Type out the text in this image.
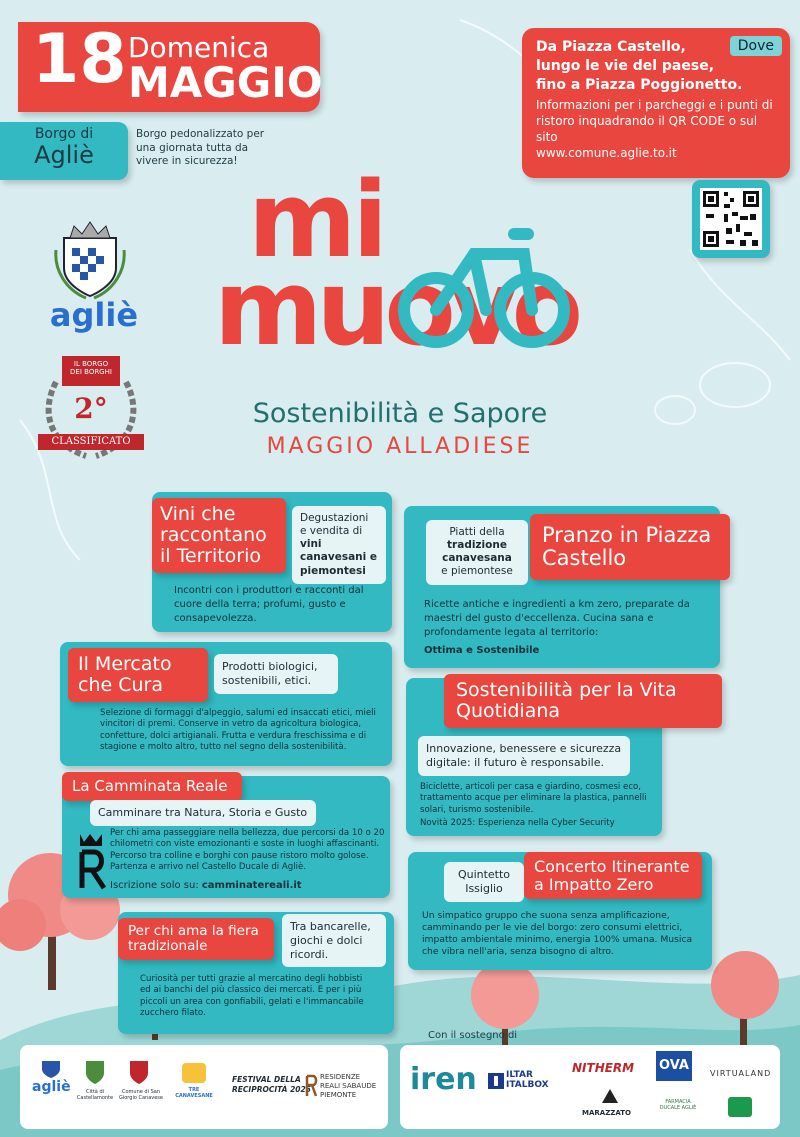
18 Domenica
MAGGIO
Borgo di
Agliè
Borgo pedonalizzato per una giornata tutta da vivere in sicurezza!
Dove
Da Piazza Castello,
lungo le vie del paese,
fino a Piazza Poggionetto.
Informazioni per i parcheggi e i punti di ristoro inquadrando il QR CODE o sul sito
www.comune.aglie.to.it
agliè
IL BORGO
DEI BORGHI
2°
CLASSIFICATO
mi
muovo
Sostenibilità e Sapore
MAGGIO ALLADIESE
Vini che raccontano il Territorio
Degustazioni e vendita di vini canavesani e piemontesi
Incontri con i produttori e racconti dal cuore della terra; profumi, gusto e consapevolezza.
Piatti della
tradizione canavesana
e piemontese
Pranzo in Piazza Castello
Ricette antiche e ingredienti a km zero, preparate da maestri del gusto d'eccellenza. Cucina sana e profondamente legata al territorio:
Ottima e Sostenibile
Il Mercato che Cura
Prodotti biologici, sostenibili, etici.
Selezione di formaggi d'alpeggio, salumi ed insaccati etici, mieli vincitori di premi. Conserve in vetro da agricoltura biologica, confetture, dolci artigianali. Frutta e verdura freschissima e di stagione e molto altro, tutto nel segno della sostenibilità.
Sostenibilità per la Vita Quotidiana
Innovazione, benessere e sicurezza digitale: il futuro è responsabile.
Biciclette, articoli per casa e giardino, cosmesi eco, trattamento acque per eliminare la plastica, pannelli solari, turismo sostenibile.
Novità 2025: Esperienza nella Cyber Security
La Camminata Reale
Camminare tra Natura, Storia e Gusto
Per chi ama passeggiare nella bellezza, due percorsi da 10 o 20 chilometri con viste emozionanti e soste in luoghi affascinanti. Percorso tra colline e borghi con pause ristoro molto golose. Partenza e arrivo nel Castello Ducale di Agliè.
Iscrizione solo su: camminatereali.it
Quintetto Issiglio
Concerto Itinerante a Impatto Zero
Un simpatico gruppo che suona senza amplificazione, camminando per le vie del borgo: zero consumi elettrici, impatto ambientale minimo, energia 100% umana. Musica che vibra nell'aria, senza bisogno di altro.
Per chi ama la fiera tradizionale
Tra bancarelle, giochi e dolci ricordi.
Curiosità per tutti grazie al mercatino degli hobbisti ed ai banchi del più classico dei mercati. E per i più piccoli un area con gonfiabili, gelati e l'immancabile zucchero filato.
Con il sostegno di
agliè	Città di Castellamonte
Comune di San Giorgio Canavese
TRE CANAVESANE
FESTIVAL DELLA
RECIPROCITÀ 2025
RESIDENZE
REALI SABAUDE
PIEMONTE	iren	ILTAR
ITALBOX
NITHERM
MARAZZATO
OVA
VIRTUALAND
FARMACIA DUCALE AGLIÈ
